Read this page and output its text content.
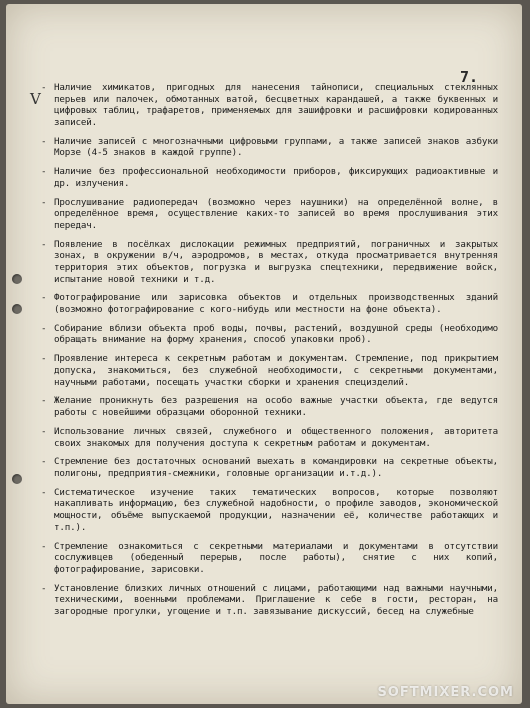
7.
V
- Наличие химикатов, пригодных для нанесения тайнописи, специальных стеклянных перьев или палочек, обмотанных ватой, бесцветных карандашей, а также буквенных и цифровых таблиц, трафаретов, применяемых для зашифровки и расшифровки кодированных записей.
- Наличие записей с многозначными цифровыми группами, а также записей знаков азбуки Морзе (4-5 знаков в каждой группе).
- Наличие без профессиональной необходимости приборов, фиксирующих радиоактивные и др. излучения.
- Прослушивание радиопередач (возможно через наушники) на определённой волне, в определённое время, осуществление каких-то записей во время прослушивания этих передач.
- Появление в посёлках дислокации режимных предприятий, пограничных и закрытых зонах, в окружении в/ч, аэродромов, в местах, откуда просматривается внутренняя территория этих объектов, погрузка и выгрузка спецтехники, передвижение войск, испытание новой техники и т.д.
- Фотографирование или зарисовка объектов и отдельных производственных зданий (возможно фотографирование с кого-нибудь или местности на фоне объекта).
- Собирание вблизи объекта проб воды, почвы, растений, воздушной среды (необходимо обращать внимание на форму хранения, способ упаковки проб).
- Проявление интереса к секретным работам и документам. Стремление, под прикрытием допуска, знакомиться, без служебной необходимости, с секретными документами, научными работами, посещать участки сборки и хранения специзделий.
- Желание проникнуть без разрешения на особо важные участки объекта, где ведутся работы с новейшими образцами оборонной техники.
- Использование личных связей, служебного и общественного положения, авторитета своих знакомых для получения доступа к секретным работам и документам.
- Стремление без достаточных оснований выехать в командировки на секретные объекты, полигоны, предприятия-смежники, головные организации и.т.д.).
- Систематическое изучение таких тематических вопросов, которые позволяют накапливать информацию, без служебной надобности, о профиле заводов, экономической мощности, объёме выпускаемой продукции, назначении её, количестве работающих и т.п.).
- Стремление ознакомиться с секретными материалами и документами в отсутствии сослуживцев (обеденный перерыв, после работы), снятие с них копий, фотографирование, зарисовки.
- Установление близких личных отношений с лицами, работающими над важными научными, техническими, военными проблемами. Приглашение к себе в гости, ресторан, на загородные прогулки, угощение и т.п. завязывание дискуссий, бесед на служебные
SOFTMIXER.COM
